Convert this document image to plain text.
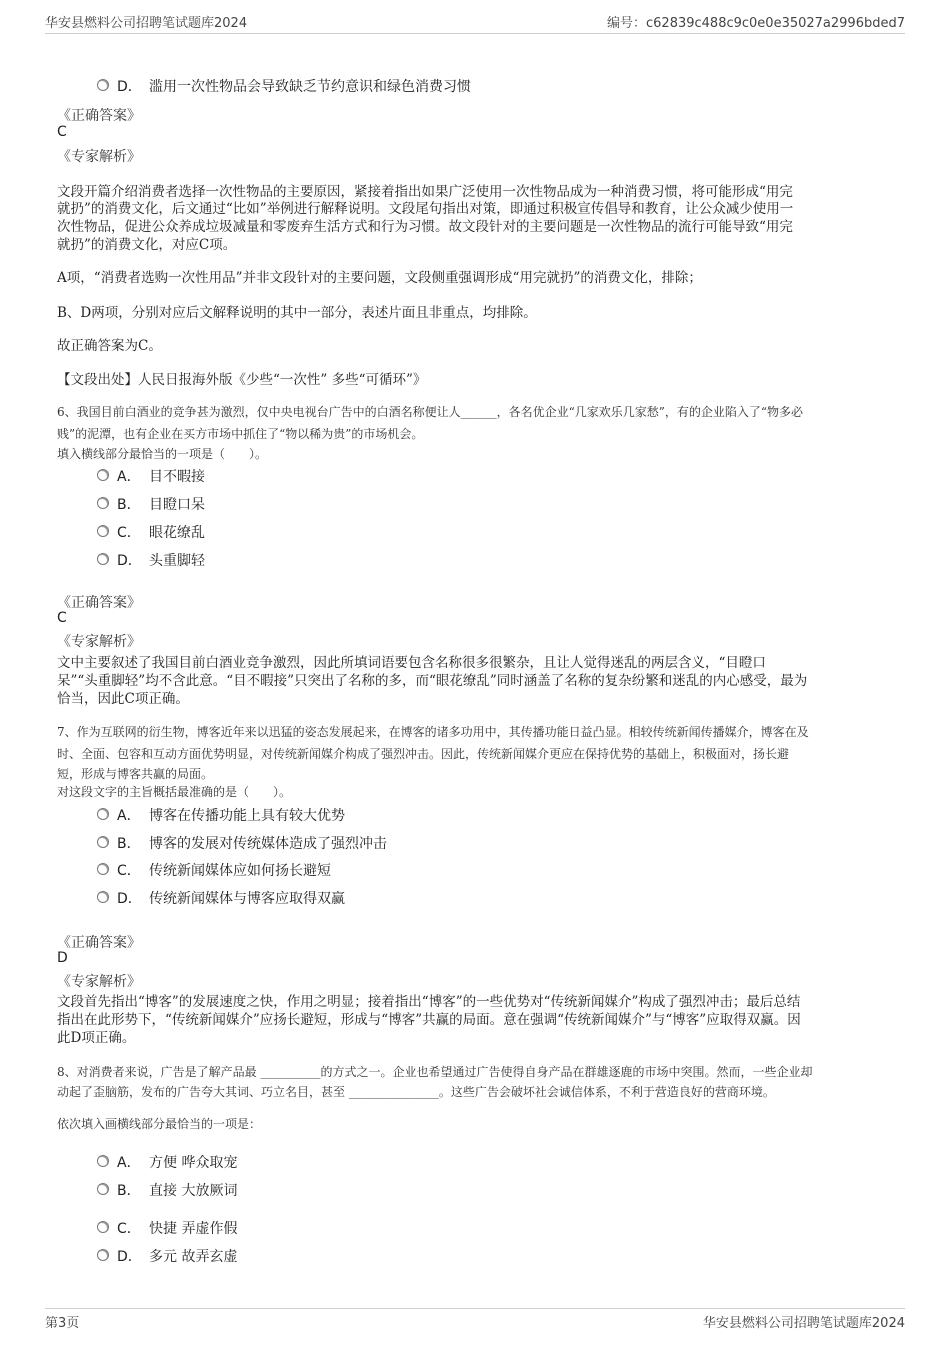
华安县燃料公司招聘笔试题库2024	编号：c62839c488c9c0e0e35027a2996bded7
D． 滥用一次性物品会导致缺乏节约意识和绿色消费习惯
《正确答案》
C
《专家解析》
文段开篇介绍消费者选择一次性物品的主要原因，紧接着指出如果广泛使用一次性物品成为一种消费习惯，将可能形成“用完
就扔”的消费文化，后文通过“比如”举例进行解释说明。文段尾句指出对策，即通过积极宣传倡导和教育，让公众减少使用一
次性物品，促进公众养成垃圾减量和零废弃生活方式和行为习惯。故文段针对的主要问题是一次性物品的流行可能导致“用完
就扔”的消费文化，对应C项。
A项，“消费者选购一次性用品”并非文段针对的主要问题，文段侧重强调形成“用完就扔”的消费文化，排除；
B、D两项，分别对应后文解释说明的其中一部分，表述片面且非重点，均排除。
故正确答案为C。
【文段出处】人民日报海外版《少些“一次性” 多些“可循环”》
6、我国目前白酒业的竞争甚为激烈，仅中央电视台广告中的白酒名称便让人______，各名优企业“几家欢乐几家愁”，有的企业陷入了“物多必
贱”的泥潭，也有企业在买方市场中抓住了“物以稀为贵”的市场机会。
填入横线部分最恰当的一项是（　　）。
A． 目不暇接
B． 目瞪口呆
C． 眼花缭乱
D． 头重脚轻
《正确答案》
C
《专家解析》
文中主要叙述了我国目前白酒业竞争激烈，因此所填词语要包含名称很多很繁杂，且让人觉得迷乱的两层含义，“目瞪口
呆”“头重脚轻”均不含此意。“目不暇接”只突出了名称的多，而“眼花缭乱”同时涵盖了名称的复杂纷繁和迷乱的内心感受，最为
恰当，因此C项正确。
7、作为互联网的衍生物，博客近年来以迅猛的姿态发展起来，在博客的诸多功用中，其传播功能日益凸显。相较传统新闻传播媒介，博客在及
时、全面、包容和互动方面优势明显，对传统新闻媒介构成了强烈冲击。因此，传统新闻媒介更应在保持优势的基础上，积极面对，扬长避
短，形成与博客共赢的局面。
对这段文字的主旨概括最准确的是（　　）。
A． 博客在传播功能上具有较大优势
B． 博客的发展对传统媒体造成了强烈冲击
C． 传统新闻媒体应如何扬长避短
D． 传统新闻媒体与博客应取得双赢
《正确答案》
D
《专家解析》
文段首先指出“博客”的发展速度之快，作用之明显；接着指出“博客”的一些优势对“传统新闻媒介”构成了强烈冲击；最后总结
指出在此形势下，“传统新闻媒介”应扬长避短，形成与“博客”共赢的局面。意在强调“传统新闻媒介”与“博客”应取得双赢。因
此D项正确。
8、对消费者来说，广告是了解产品最 __________的方式之一。企业也希望通过广告使得自身产品在群雄逐鹿的市场中突围。然而，一些企业却
动起了歪脑筋，发布的广告夸大其词、巧立名目，甚至 _______________。这些广告会破坏社会诚信体系，不利于营造良好的营商环境。
依次填入画横线部分最恰当的一项是：
A． 方便 哗众取宠
B． 直接 大放厥词
C． 快捷 弄虚作假
D． 多元 故弄玄虚
第3页	华安县燃料公司招聘笔试题库2024
